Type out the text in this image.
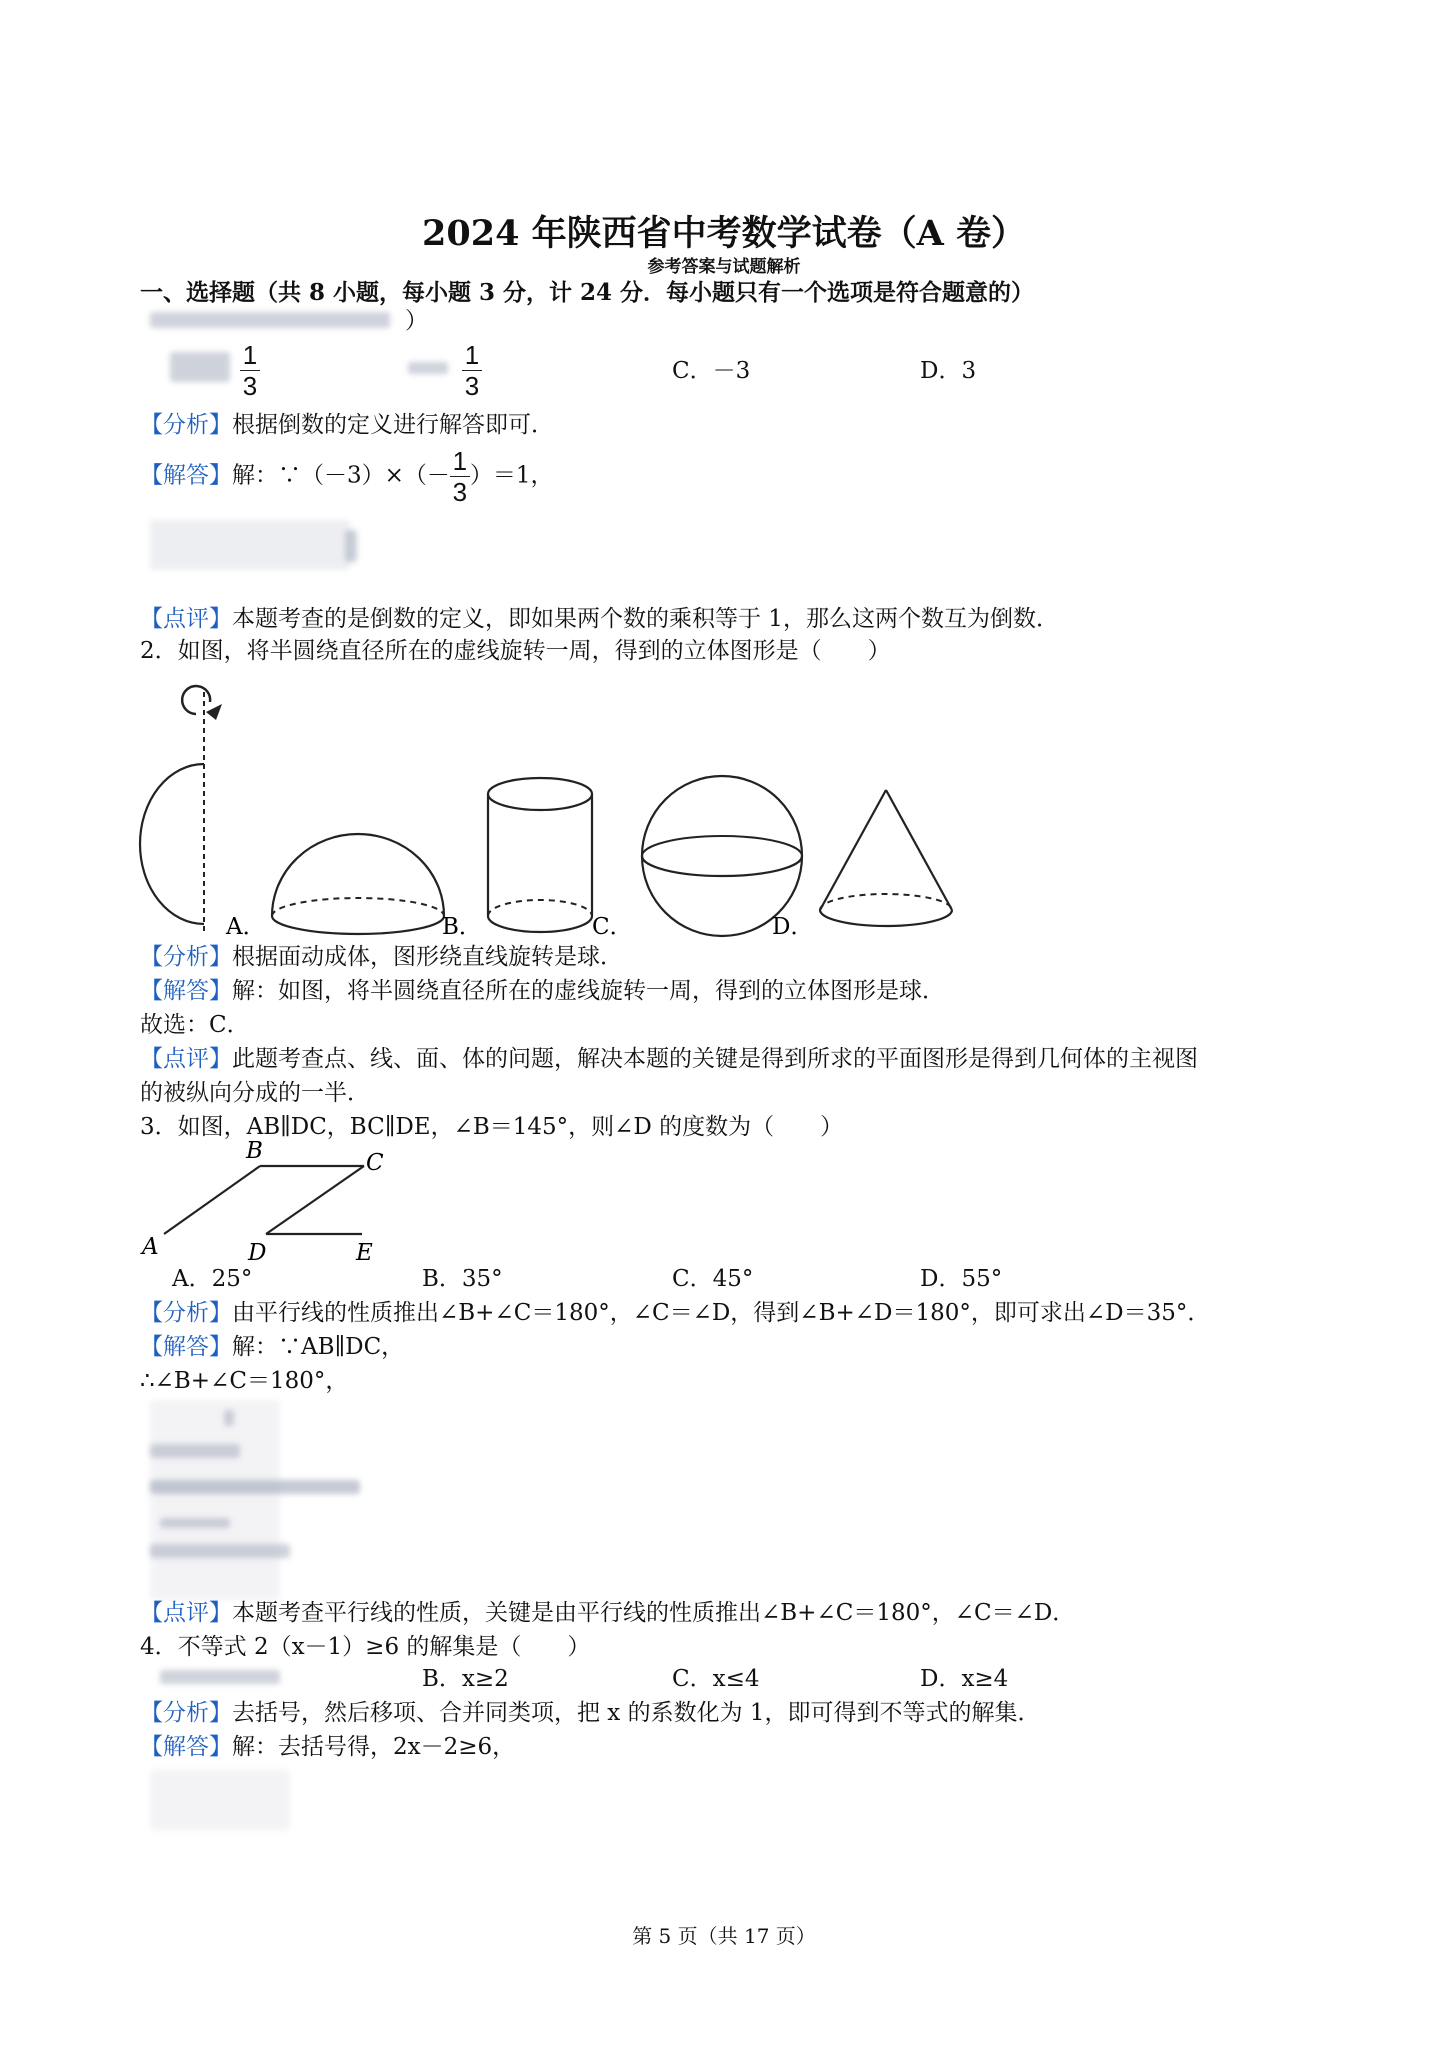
2024 年陕西省中考数学试卷（A 卷）
参考答案与试题解析
一、选择题（共 8 小题，每小题 3 分，计 24 分．每小题只有一个选项是符合题意的）
）
$\frac{1}{3}$	$\frac{1}{3}$	C．－3	D．3
【分析】根据倒数的定义进行解答即可．
【解答】解：∵（－3）×（－ $\frac{1}{3} )=1$，
【点评】本题考查的是倒数的定义，即如果两个数的乘积等于 1，那么这两个数互为倒数．
2．如图，将半圆绕直径所在的虚线旋转一周，得到的立体图形是（　　）
A．	B．	C．	D．
【分析】根据面动成体，图形绕直线旋转是球．
【解答】解：如图，将半圆绕直径所在的虚线旋转一周，得到的立体图形是球．
故选：C．
【点评】此题考查点、线、面、体的问题，解决本题的关键是得到所求的平面图形是得到几何体的主视图
的被纵向分成的一半．
3．如图，AB∥DC，BC∥DE，∠B＝145°，则∠D 的度数为（　　）
A
B	C
D	E
A．25°	B．35°	C．45°	D．55°
【分析】由平行线的性质推出∠B+∠C＝180°，∠C＝∠D，得到∠B+∠D＝180°，即可求出∠D＝35°．
【解答】解：∵AB∥DC，
∴∠B+∠C＝180°，
【点评】本题考查平行线的性质，关键是由平行线的性质推出∠B+∠C＝180°，∠C＝∠D．
4．不等式 2（x－1）≥6 的解集是（　　）
B．x≥2	C．x≤4	D．x≥4
【分析】去括号，然后移项、合并同类项，把 x 的系数化为 1，即可得到不等式的解集．
【解答】解：去括号得，2x－2≥6，
第 5 页（共 17 页）
